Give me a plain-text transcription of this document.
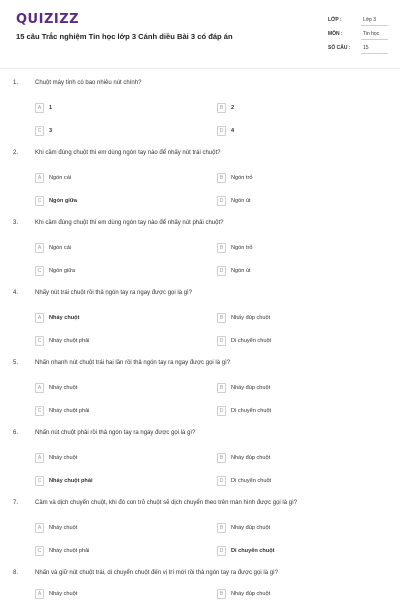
QUIZIZZ
15 câu Trắc nghiệm Tin học lớp 3 Cánh diều Bài 3 có đáp án
LỚP :	Lớp 3
MÔN :	Tin học
SỐ CÂU :	15
1.	Chuột máy tính có bao nhiêu nút chính?
A	1	B	2
C	3	D	4
2.	Khi cầm đúng chuột thì em dùng ngón tay nào để nhấy nút trái chuột?
A	Ngón cái	B	Ngón trỏ
C	Ngón giữa	D	Ngón út
3.	Khi cầm đúng chuột thì em dùng ngón tay nào để nhấy nút phải chuột?
A	Ngón cái	B	Ngón trỏ
C	Ngón giữa	D	Ngón út
4.	Nhấy nút trái chuột rồi thả ngón tay ra ngay được gọi là gì?
A	Nháy chuột	B	Nhấy đúp chuột
C	Nháy chuột phải	D	Di chuyển chuột
5.	Nhấn nhanh nút chuột trái hai lần rồi thả ngón tay ra ngay được gọi là gì?
A	Nháy chuột	B	Nháy đúp chuột
C	Nháy chuột phải	D	Di chuyển chuột
6.	Nhấn nút chuột phải rồi thả ngón tay ra ngay được gọi là gì?
A	Nháy chuột	B	Nháy đúp chuột
C	Nháy chuột phải	D	Di chuyển chuột
7.	Cầm và dịch chuyển chuột, khi đó con trỏ chuột sẽ dịch chuyển theo trên màn hình được gọi là gì?
A	Nháy chuột	B	Nháy đúp chuột
C	Nháy chuột phải	D	Di chuyển chuột
8.	Nhấn và giữ nút chuột trái, di chuyển chuột đến vị trí mới rồi thả ngón tay ra được gọi là gì?
A	Nháy chuột	B	Nháy đúp chuột
